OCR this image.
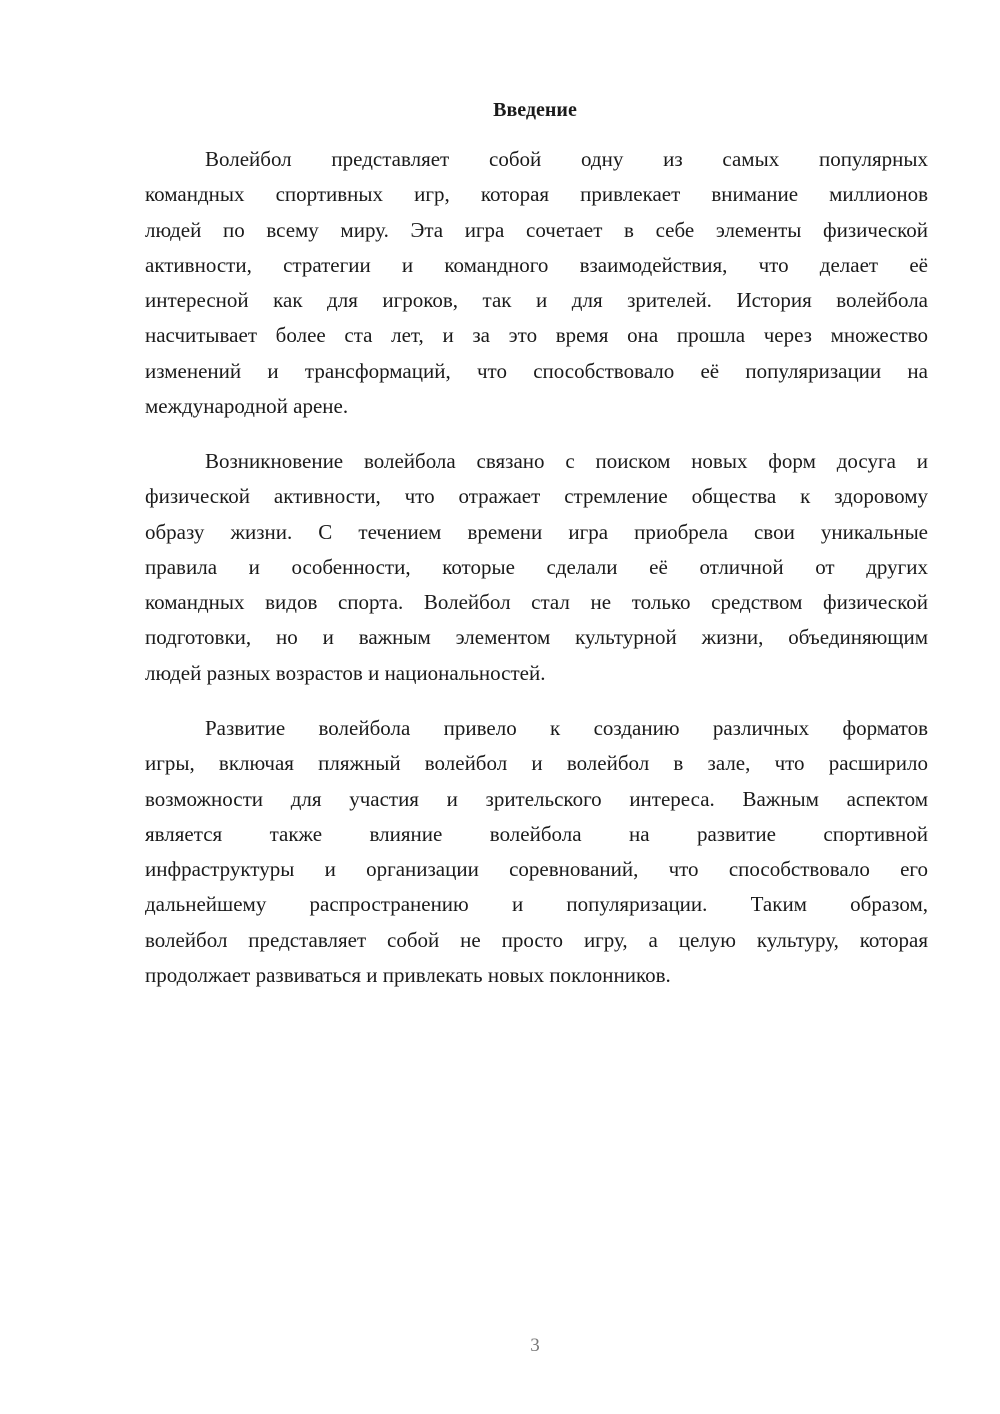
Введение
Волейбол представляет собой одну из самых популярных
командных спортивных игр, которая привлекает внимание миллионов
людей по всему миру. Эта игра сочетает в себе элементы физической
активности, стратегии и командного взаимодействия, что делает её
интересной как для игроков, так и для зрителей. История волейбола
насчитывает более ста лет, и за это время она прошла через множество
изменений и трансформаций, что способствовало её популяризации на
международной арене.
Возникновение волейбола связано с поиском новых форм досуга и
физической активности, что отражает стремление общества к здоровому
образу жизни. С течением времени игра приобрела свои уникальные
правила и особенности, которые сделали её отличной от других
командных видов спорта. Волейбол стал не только средством физической
подготовки, но и важным элементом культурной жизни, объединяющим
людей разных возрастов и национальностей.
Развитие волейбола привело к созданию различных форматов
игры, включая пляжный волейбол и волейбол в зале, что расширило
возможности для участия и зрительского интереса. Важным аспектом
является также влияние волейбола на развитие спортивной
инфраструктуры и организации соревнований, что способствовало его
дальнейшему распространению и популяризации. Таким образом,
волейбол представляет собой не просто игру, а целую культуру, которая
продолжает развиваться и привлекать новых поклонников.
3
